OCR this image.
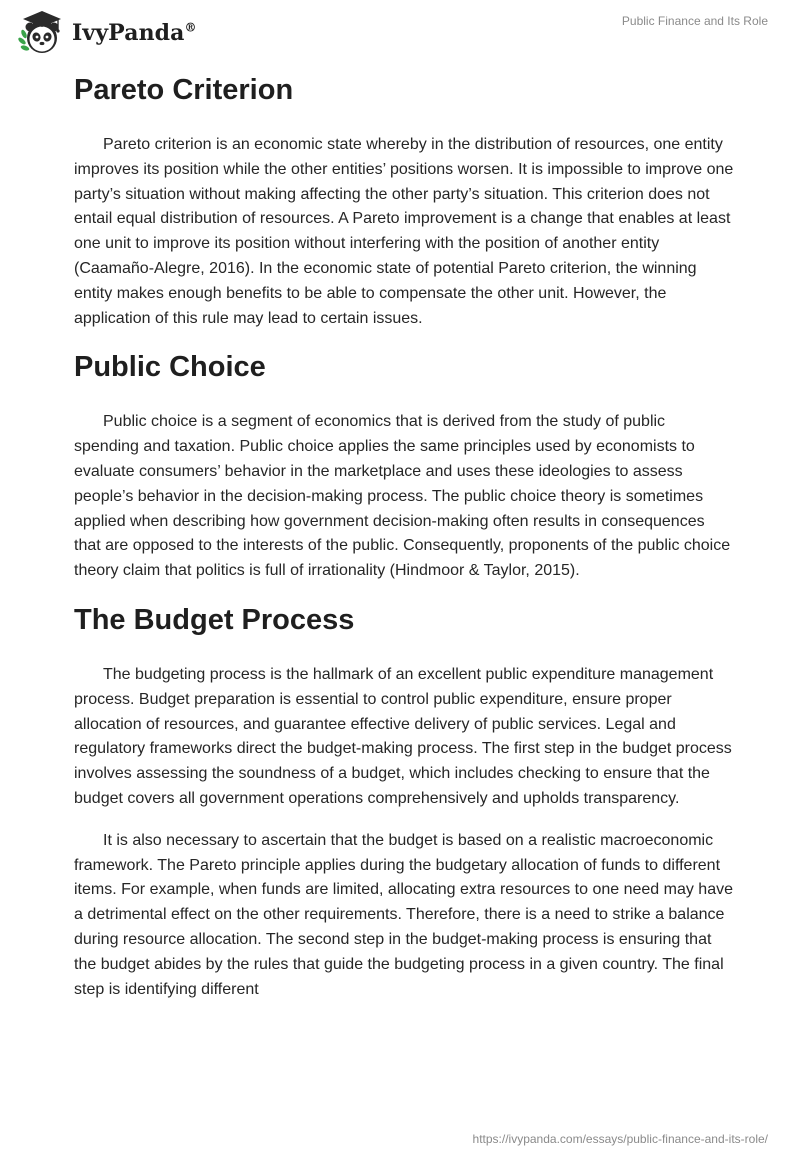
IvyPanda®	Public Finance and Its Role
Pareto Criterion

Pareto criterion is an economic state whereby in the distribution of resources, one entity improves its position while the other entities’ positions worsen. It is impossible to improve one party’s situation without making affecting the other party’s situation. This criterion does not entail equal distribution of resources. A Pareto improvement is a change that enables at least one unit to improve its position without interfering with the position of another entity (Caamaño-Alegre, 2016). In the economic state of potential Pareto criterion, the winning entity makes enough benefits to be able to compensate the other unit. However, the application of this rule may lead to certain issues.

Public Choice

Public choice is a segment of economics that is derived from the study of public spending and taxation. Public choice applies the same principles used by economists to evaluate consumers’ behavior in the marketplace and uses these ideologies to assess people’s behavior in the decision-making process. The public choice theory is sometimes applied when describing how government decision-making often results in consequences that are opposed to the interests of the public. Consequently, proponents of the public choice theory claim that politics is full of irrationality (Hindmoor & Taylor, 2015).

The Budget Process

The budgeting process is the hallmark of an excellent public expenditure management process. Budget preparation is essential to control public expenditure, ensure proper allocation of resources, and guarantee effective delivery of public services. Legal and regulatory frameworks direct the budget-making process. The first step in the budget process involves assessing the soundness of a budget, which includes checking to ensure that the budget covers all government operations comprehensively and upholds transparency.

It is also necessary to ascertain that the budget is based on a realistic macroeconomic framework. The Pareto principle applies during the budgetary allocation of funds to different items. For example, when funds are limited, allocating extra resources to one need may have a detrimental effect on the other requirements. Therefore, there is a need to strike a balance during resource allocation. The second step in the budget-making process is ensuring that the budget abides by the rules that guide the budgeting process in a given country. The final step is identifying different

https://ivypanda.com/essays/public-finance-and-its-role/
